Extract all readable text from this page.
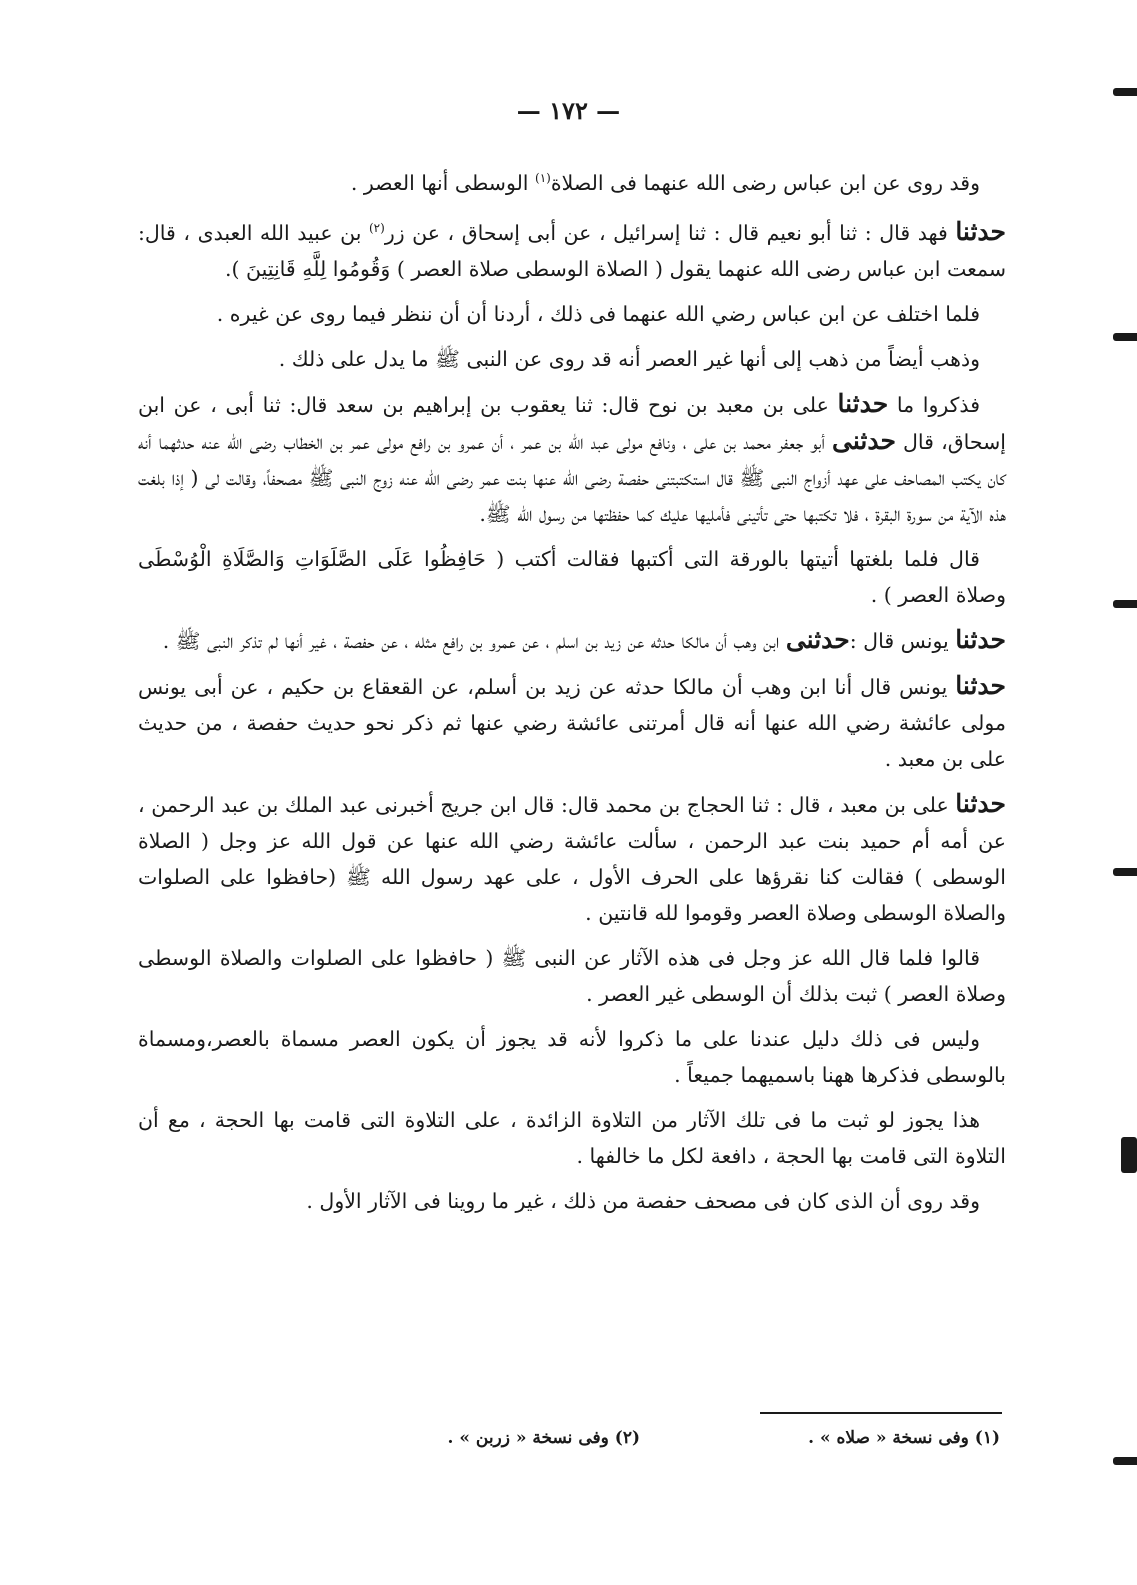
— ١٧٢ —

وقد روى عن ابن عباس رضى الله عنهما فى الصلاة$^{(١)}$ الوسطى أنها العصر .

حدثنا فهد قال : ثنا أبو نعيم قال : ثنا إسرائيل ، عن أبى إسحاق ، عن زر$^{(٢)}$ بن عبيد الله العبدى ، قال: سمعت ابن عباس رضى الله عنهما يقول ( الصلاة الوسطى صلاة العصر ) وَقُومُوا لِلَّهِ قَانِتِينَ ).

فلما اختلف عن ابن عباس رضي الله عنهما فى ذلك ، أردنا أن أن ننظر فيما روى عن غيره .

وذهب أيضاً من ذهب إلى أنها غير العصر أنه قد روى عن النبى ﷺ ما يدل على ذلك .

فذكروا ما حدثنا على بن معبد بن نوح قال: ثنا يعقوب بن إبراهيم بن سعد قال: ثنا أبى ، عن ابن إسحاق، قال حدثنى أبو جعفر محمد بن على ، ونافع مولى عبد الله بن عمر ، أن عمرو بن رافع مولى عمر بن الخطاب رضى الله عنه حدثهما أنه كان يكتب المصاحف على عهد أزواج النبى ﷺ قال استكتبتنى حفصة رضى الله عنها بنت عمر رضى الله عنه زوج النبى ﷺ مصحفاً، وقالت لى ( إذا بلغت هذه الآية من سورة البقرة ، فلا تكتبها حتى تأتينى فأمليها عليك كما حفظتها من رسول الله ﷺ.

قال فلما بلغتها أتيتها بالورقة التى أكتبها فقالت أكتب ( حَافِظُوا عَلَى الصَّلَوَاتِ وَالصَّلَاةِ الْوُسْطَى وصلاة العصر ) .

حدثنا يونس قال :حدثنى ابن وهب أن مالكا حدثه عن زيد بن اسلم ، عن عمرو بن رافع مثله ، عن حفصة ، غير أنها لم تذكر النبى ﷺ .

حدثنا يونس قال أنا ابن وهب أن مالكا حدثه عن زيد بن أسلم، عن القعقاع بن حكيم ، عن أبى يونس مولى عائشة رضي الله عنها أنه قال أمرتنى عائشة رضي عنها ثم ذكر نحو حديث حفصة ، من حديث على بن معبد .

حدثنا على بن معبد ، قال : ثنا الحجاج بن محمد قال: قال ابن جريج أخبرنى عبد الملك بن عبد الرحمن ، عن أمه أم حميد بنت عبد الرحمن ، سألت عائشة رضي الله عنها عن قول الله عز وجل ( الصلاة الوسطى ) فقالت كنا نقرؤها على الحرف الأول ، على عهد رسول الله ﷺ (حافظوا على الصلوات والصلاة الوسطى وصلاة العصر وقوموا لله قانتين .

قالوا فلما قال الله عز وجل فى هذه الآثار عن النبى ﷺ ( حافظوا على الصلوات والصلاة الوسطى وصلاة العصر ) ثبت بذلك أن الوسطى غير العصر .

وليس فى ذلك دليل عندنا على ما ذكروا لأنه قد يجوز أن يكون العصر مسماة بالعصر،ومسماة بالوسطى فذكرها ههنا باسميهما جميعاً .

هذا يجوز لو ثبت ما فى تلك الآثار من التلاوة الزائدة ، على التلاوة التى قامت بها الحجة ، مع أن التلاوة التى قامت بها الحجة ، دافعة لكل ما خالفها .

وقد روى أن الذى كان فى مصحف حفصة من ذلك ، غير ما روينا فى الآثار الأول .

(١) وفى نسخة « صلاه » .
(٢) وفى نسخة « زربن » .
